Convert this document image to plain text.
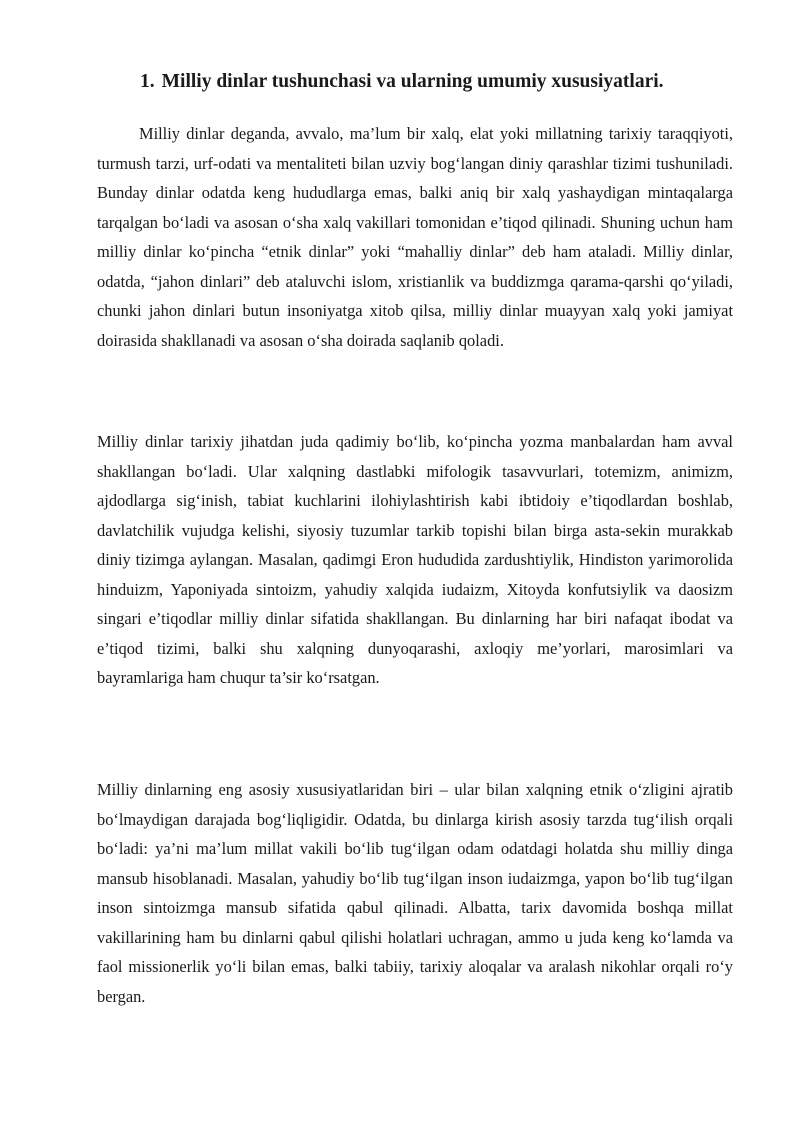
1. Milliy dinlar tushunchasi va ularning umumiy xususiyatlari.

Milliy dinlar deganda, avvalo, ma’lum bir xalq, elat yoki millatning tarixiy taraqqiyoti, turmush tarzi, urf-odati va mentaliteti bilan uzviy bog‘langan diniy qarashlar tizimi tushuniladi. Bunday dinlar odatda keng hududlarga emas, balki aniq bir xalq yashaydigan mintaqalarga tarqalgan bo‘ladi va asosan o‘sha xalq vakillari tomonidan e’tiqod qilinadi. Shuning uchun ham milliy dinlar ko‘pincha “etnik dinlar” yoki “mahalliy dinlar” deb ham ataladi. Milliy dinlar, odatda, “jahon dinlari” deb ataluvchi islom, xristianlik va buddizmga qarama-qarshi qo‘yiladi, chunki jahon dinlari butun insoniyatga xitob qilsa, milliy dinlar muayyan xalq yoki jamiyat doirasida shakllanadi va asosan o‘sha doirada saqlanib qoladi.

Milliy dinlar tarixiy jihatdan juda qadimiy bo‘lib, ko‘pincha yozma manbalardan ham avval shakllangan bo‘ladi. Ular xalqning dastlabki mifologik tasavvurlari, totemizm, animizm, ajdodlarga sig‘inish, tabiat kuchlarini ilohiylashtirish kabi ibtidoiy e’tiqodlardan boshlab, davlatchilik vujudga kelishi, siyosiy tuzumlar tarkib topishi bilan birga asta-sekin murakkab diniy tizimga aylangan. Masalan, qadimgi Eron hududida zardushtiylik, Hindiston yarimorolida hinduizm, Yaponiyada sintoizm, yahudiy xalqida iudaizm, Xitoyda konfutsiylik va daosizm singari e’tiqodlar milliy dinlar sifatida shakllangan. Bu dinlarning har biri nafaqat ibodat va e’tiqod tizimi, balki shu xalqning dunyoqarashi, axloqiy me’yorlari, marosimlari va bayramlariga ham chuqur ta’sir ko‘rsatgan.

Milliy dinlarning eng asosiy xususiyatlaridan biri – ular bilan xalqning etnik o‘zligini ajratib bo‘lmaydigan darajada bog‘liqligidir. Odatda, bu dinlarga kirish asosiy tarzda tug‘ilish orqali bo‘ladi: ya’ni ma’lum millat vakili bo‘lib tug‘ilgan odam odatdagi holatda shu milliy dinga mansub hisoblanadi. Masalan, yahudiy bo‘lib tug‘ilgan inson iudaizmga, yapon bo‘lib tug‘ilgan inson sintoizmga mansub sifatida qabul qilinadi. Albatta, tarix davomida boshqa millat vakillarining ham bu dinlarni qabul qilishi holatlari uchragan, ammo u juda keng ko‘lamda va faol missionerlik yo‘li bilan emas, balki tabiiy, tarixiy aloqalar va aralash nikohlar orqali ro‘y bergan.
